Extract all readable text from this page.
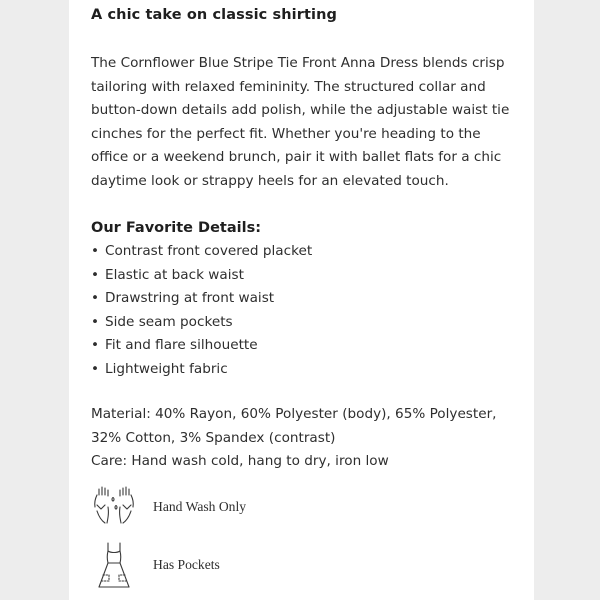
A chic take on classic shirting

The Cornflower Blue Stripe Tie Front Anna Dress blends crisp tailoring with relaxed femininity. The structured collar and button-down details add polish, while the adjustable waist tie cinches for the perfect fit. Whether you're heading to the office or a weekend brunch, pair it with ballet flats for a chic daytime look or strappy heels for an elevated touch.

Our Favorite Details:
• Contrast front covered placket
• Elastic at back waist
• Drawstring at front waist
• Side seam pockets
• Fit and flare silhouette
• Lightweight fabric
Material: 40% Rayon, 60% Polyester (body), 65% Polyester,
32% Cotton, 3% Spandex (contrast)
Care: Hand wash cold, hang to dry, iron low
Hand Wash Only
Has Pockets
